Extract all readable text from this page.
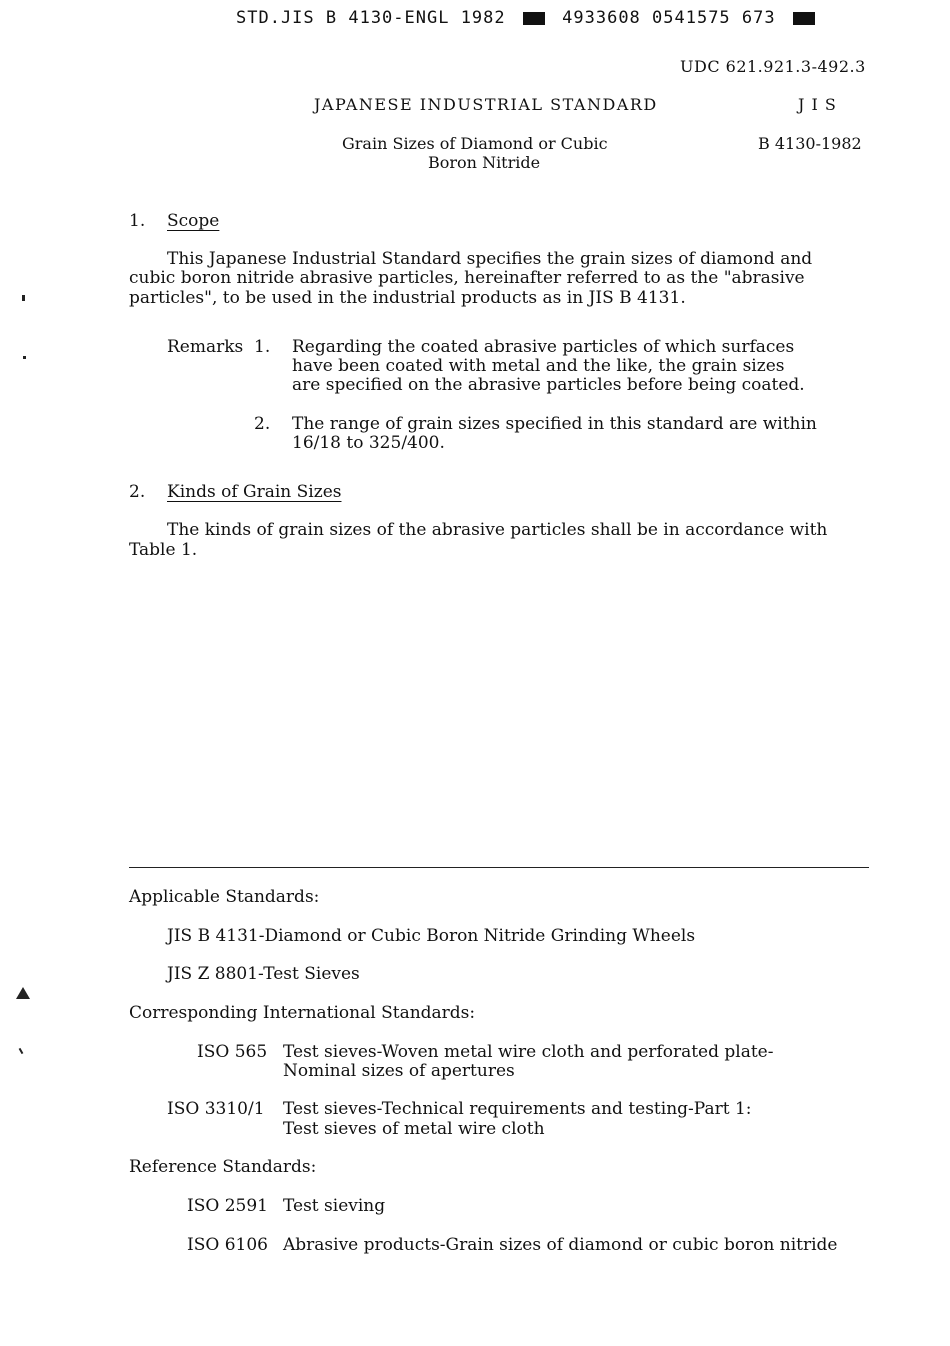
STD.JIS B 4130-ENGL 1982	4933608 0541575 673
UDC 621.921.3-492.3
JAPANESE INDUSTRIAL STANDARD	J I S
Grain Sizes of Diamond or Cubic
Boron Nitride
B 4130-1982
1. Scope
This Japanese Industrial Standard specifies the grain sizes of diamond and
cubic boron nitride abrasive particles, hereinafter referred to as the "abrasive
particles", to be used in the industrial products as in JIS B 4131.
Remarks 1. Regarding the coated abrasive particles of which surfaces
have been coated with metal and the like, the grain sizes
are specified on the abrasive particles before being coated.
2. The range of grain sizes specified in this standard are within
16/18 to 325/400.
2. Kinds of Grain Sizes
The kinds of grain sizes of the abrasive particles shall be in accordance with
Table 1.
Applicable Standards:
JIS B 4131-Diamond or Cubic Boron Nitride Grinding Wheels
JIS Z 8801-Test Sieves
Corresponding International Standards:
ISO 565 Test sieves-Woven metal wire cloth and perforated plate-
Nominal sizes of apertures
ISO 3310/1 Test sieves-Technical requirements and testing-Part 1:
Test sieves of metal wire cloth
Reference Standards:
ISO 2591 Test sieving
ISO 6106 Abrasive products-Grain sizes of diamond or cubic boron nitride
